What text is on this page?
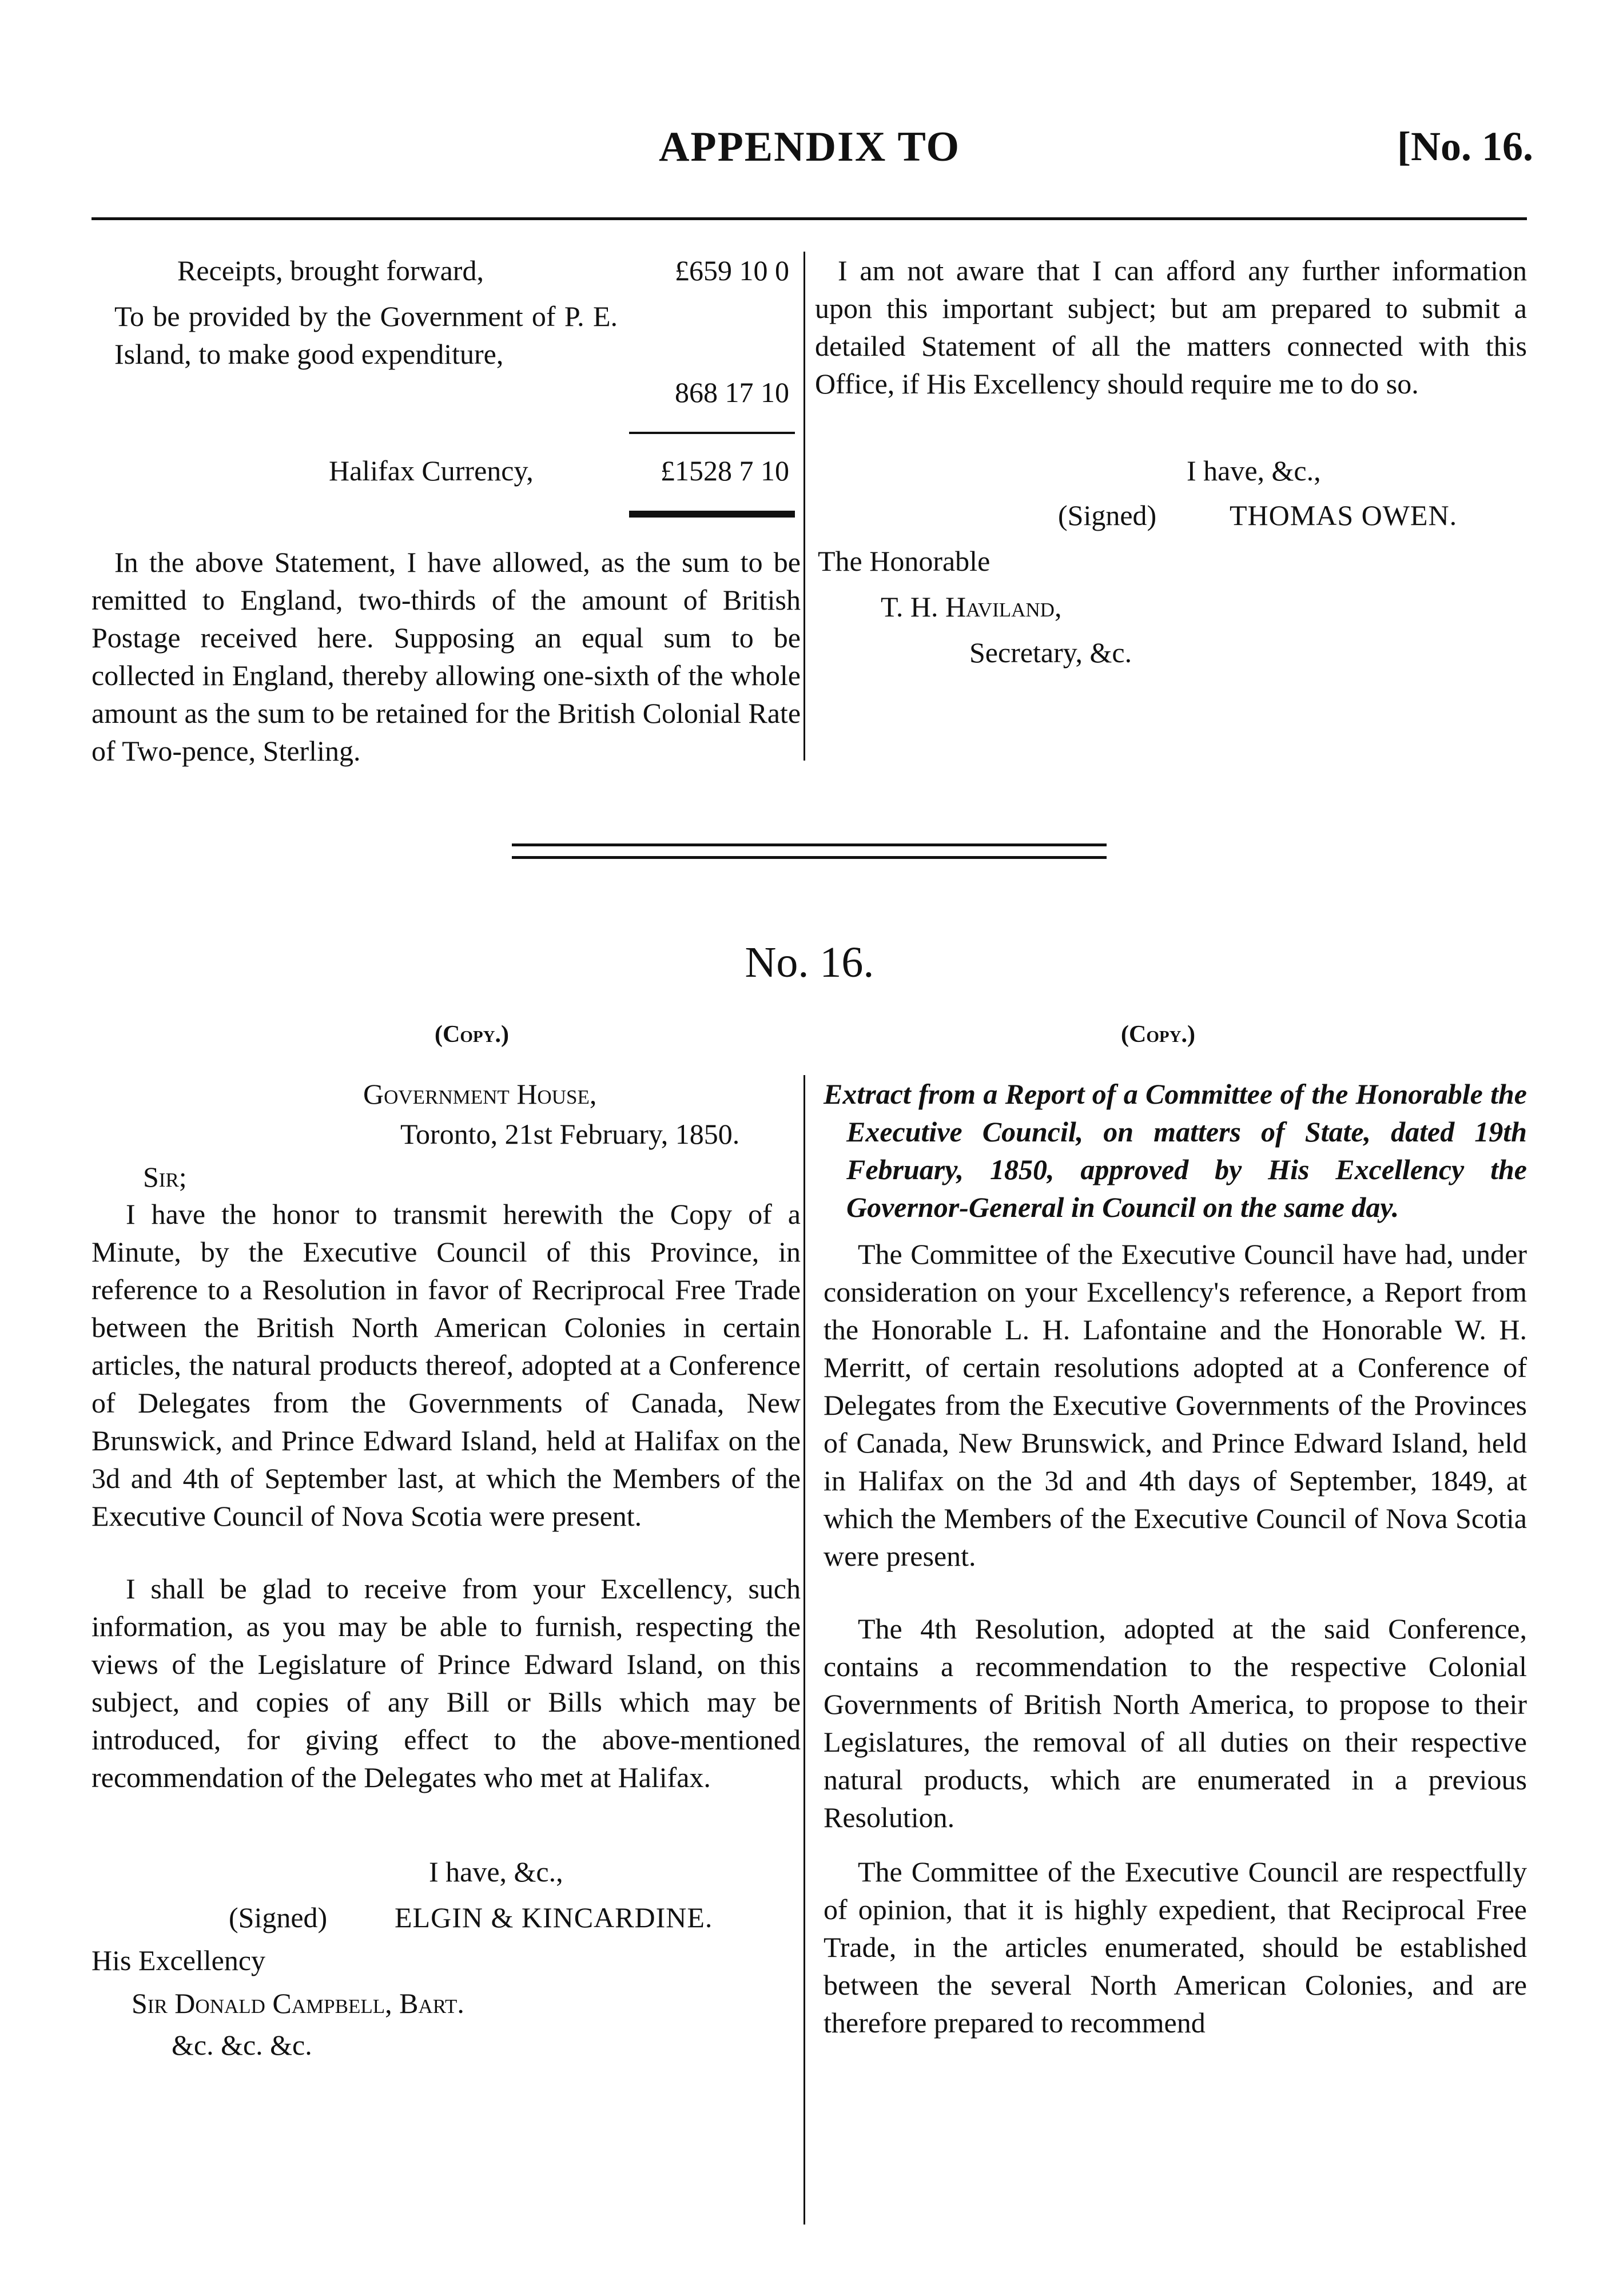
APPENDIX TO	[No. 16.
Receipts, brought forward,	£659 10 0
To be provided by the Government of P. E. Island, to make good expenditure,
868 17 10
Halifax Currency,	£1528 7 10
In the above Statement, I have allowed, as the sum to be remitted to England, two-thirds of the amount of British Postage received here. Supposing an equal sum to be collected in England, thereby allowing one-sixth of the whole amount as the sum to be retained for the British Colonial Rate of Two-pence, Sterling.
I am not aware that I can afford any further information upon this important subject; but am prepared to submit a detailed Statement of all the matters connected with this Office, if His Excellency should require me to do so.
I have, &c.,
(Signed)	THOMAS OWEN.
The Honorable
T. H. Haviland,
Secretary, &c.
No. 16.
(Copy.)	(Copy.)
Government House,
Toronto, 21st February, 1850.
Sir;
I have the honor to transmit herewith the Copy of a Minute, by the Executive Council of this Province, in reference to a Resolution in favor of Recriprocal Free Trade between the British North American Colonies in certain articles, the natural products thereof, adopted at a Conference of Delegates from the Governments of Canada, New Brunswick, and Prince Edward Island, held at Halifax on the 3d and 4th of September last, at which the Members of the Executive Council of Nova Scotia were present.
I shall be glad to receive from your Excellency, such information, as you may be able to furnish, respecting the views of the Legislature of Prince Edward Island, on this subject, and copies of any Bill or Bills which may be introduced, for giving effect to the above-mentioned recommendation of the Delegates who met at Halifax.
I have, &c.,
(Signed) ELGIN & KINCARDINE.
His Excellency
Sir Donald Campbell, Bart.
&c. &c. &c.
Extract from a Report of a Committee of the Honorable the Executive Council, on matters of State, dated 19th February, 1850, approved by His Excellency the Governor-General in Council on the same day.
The Committee of the Executive Council have had, under consideration on your Excellency's reference, a Report from the Honorable L. H. Lafontaine and the Honorable W. H. Merritt, of certain resolutions adopted at a Conference of Delegates from the Executive Governments of the Provinces of Canada, New Brunswick, and Prince Edward Island, held in Halifax on the 3d and 4th days of September, 1849, at which the Members of the Executive Council of Nova Scotia were present.
The 4th Resolution, adopted at the said Conference, contains a recommendation to the respective Colonial Governments of British North America, to propose to their Legislatures, the removal of all duties on their respective natural products, which are enumerated in a previous Resolution.
The Committee of the Executive Council are respectfully of opinion, that it is highly expedient, that Reciprocal Free Trade, in the articles enumerated, should be established between the several North American Colonies, and are therefore prepared to recommend
